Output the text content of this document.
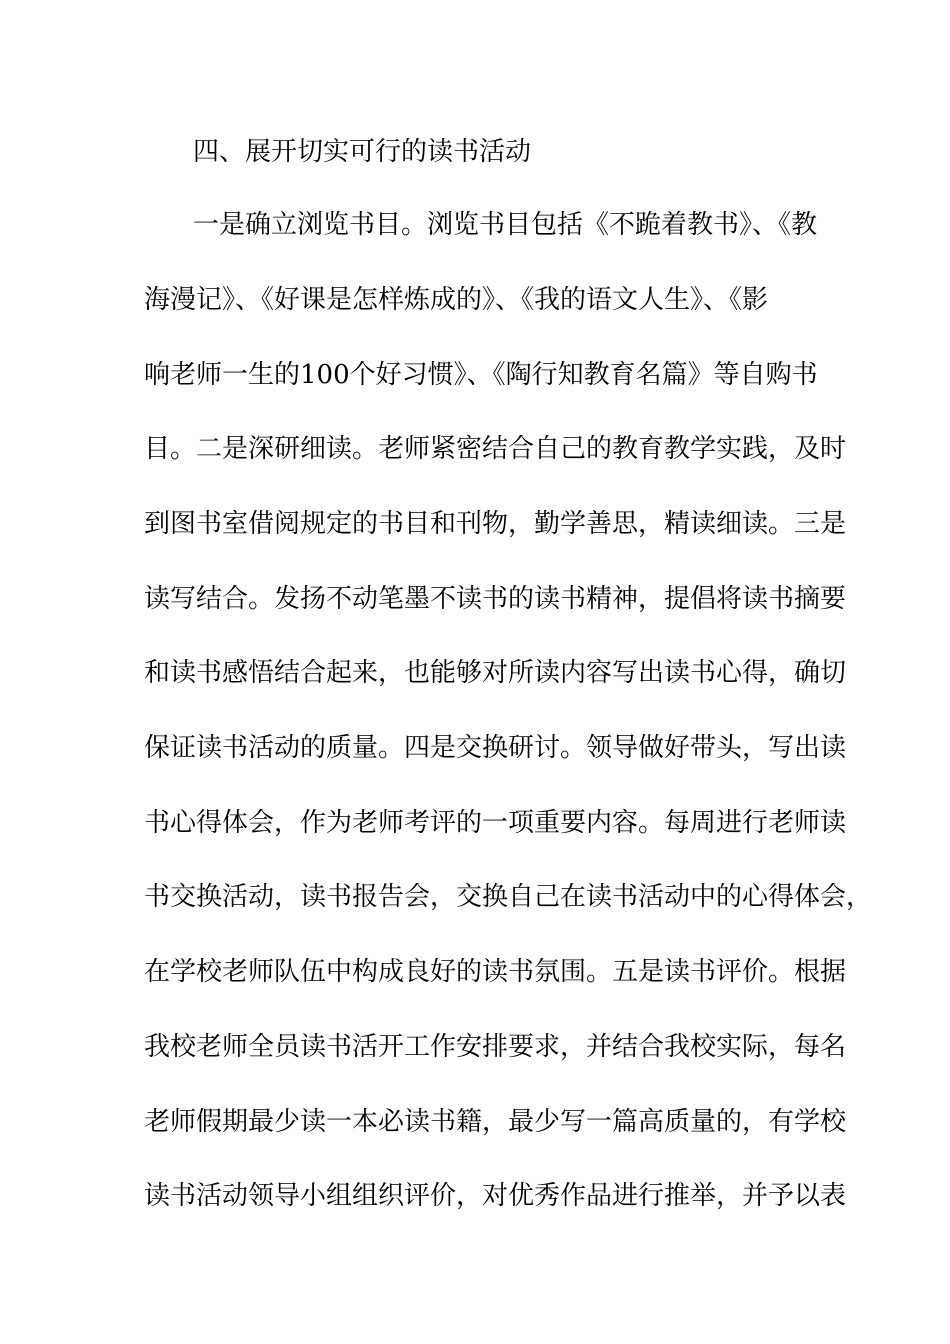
四、展开切实可行的读书活动
一是确立浏览书目。浏览书目包括《不跪着教书》、《教
海漫记》、《好课是怎样炼成的》、《我的语文人生》、《影
响老师一生的100个好习惯》、《陶行知教育名篇》等自购书
目。二是深研细读。老师紧密结合自己的教育教学实践，及时
到图书室借阅规定的书目和刊物，勤学善思，精读细读。三是
读写结合。发扬不动笔墨不读书的读书精神，提倡将读书摘要
和读书感悟结合起来，也能够对所读内容写出读书心得，确切
保证读书活动的质量。四是交换研讨。领导做好带头，写出读
书心得体会，作为老师考评的一项重要内容。每周进行老师读
书交换活动，读书报告会，交换自己在读书活动中的心得体会，
在学校老师队伍中构成良好的读书氛围。五是读书评价。根据
我校老师全员读书活开工作安排要求，并结合我校实际，每名
老师假期最少读一本必读书籍，最少写一篇高质量的，有学校
读书活动领导小组组织评价，对优秀作品进行推举，并予以表
